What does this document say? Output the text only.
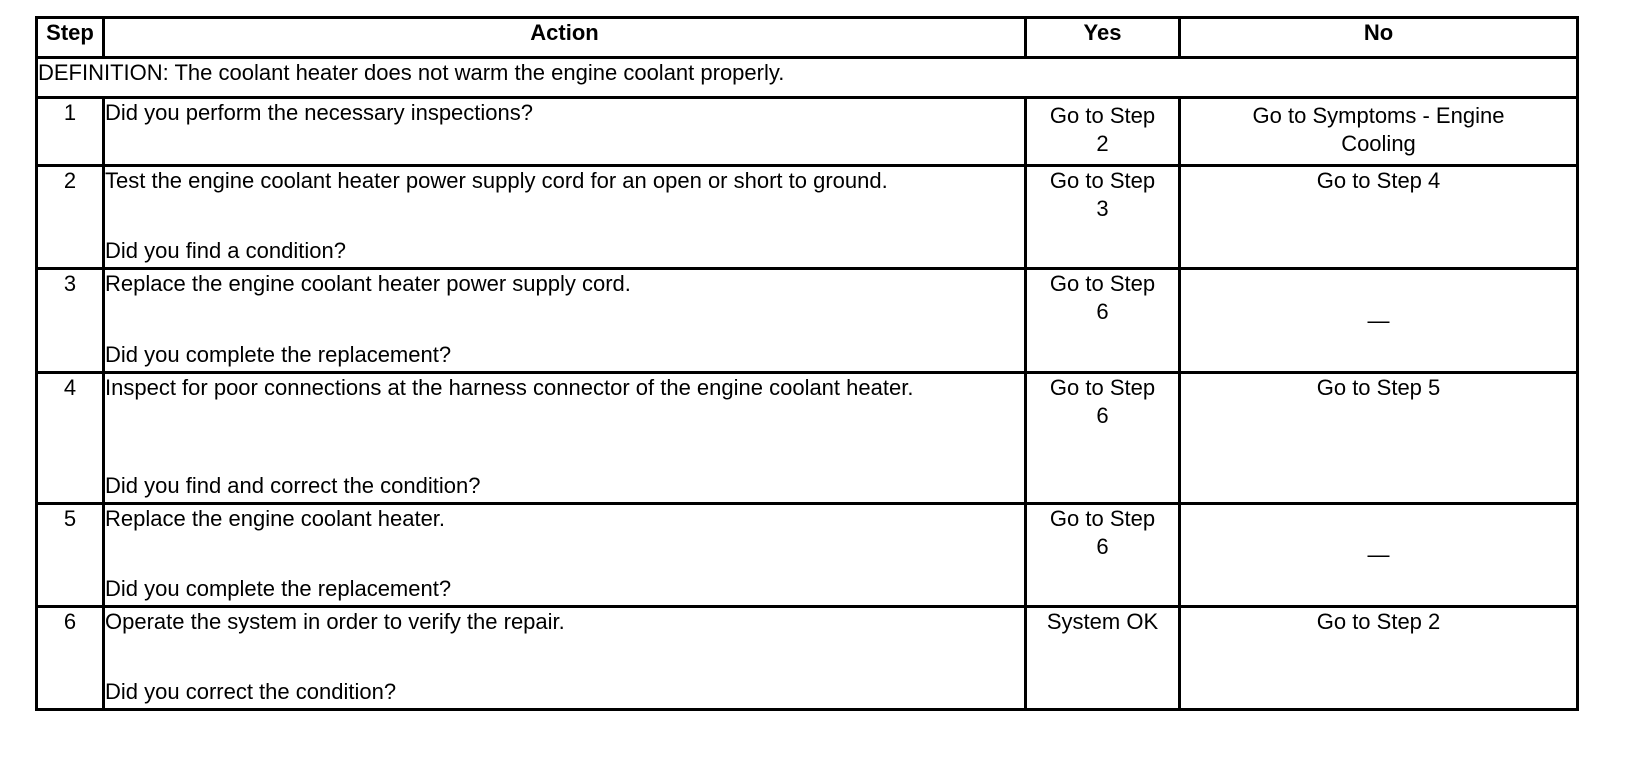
Step	Action	Yes	No
DEFINITION: The coolant heater does not warm the engine coolant properly.			
1	Did you perform the necessary inspections?	Go to Step 2	Go to Symptoms - Engine Cooling

2	Test the engine coolant heater power supply cord for an open or short to ground.
Did you find a condition?	Go to Step 3	Go to Step 4

3	Replace the engine coolant heater power supply cord.
Did you complete the replacement?	Go to Step 6	—

4	Inspect for poor connections at the harness connector of the engine coolant heater.
Did you find and correct the condition?	Go to Step 6	Go to Step 5

5	Replace the engine coolant heater.
Did you complete the replacement?	Go to Step 6	—

6	Operate the system in order to verify the repair.
Did you correct the condition?	System OK	Go to Step 2
